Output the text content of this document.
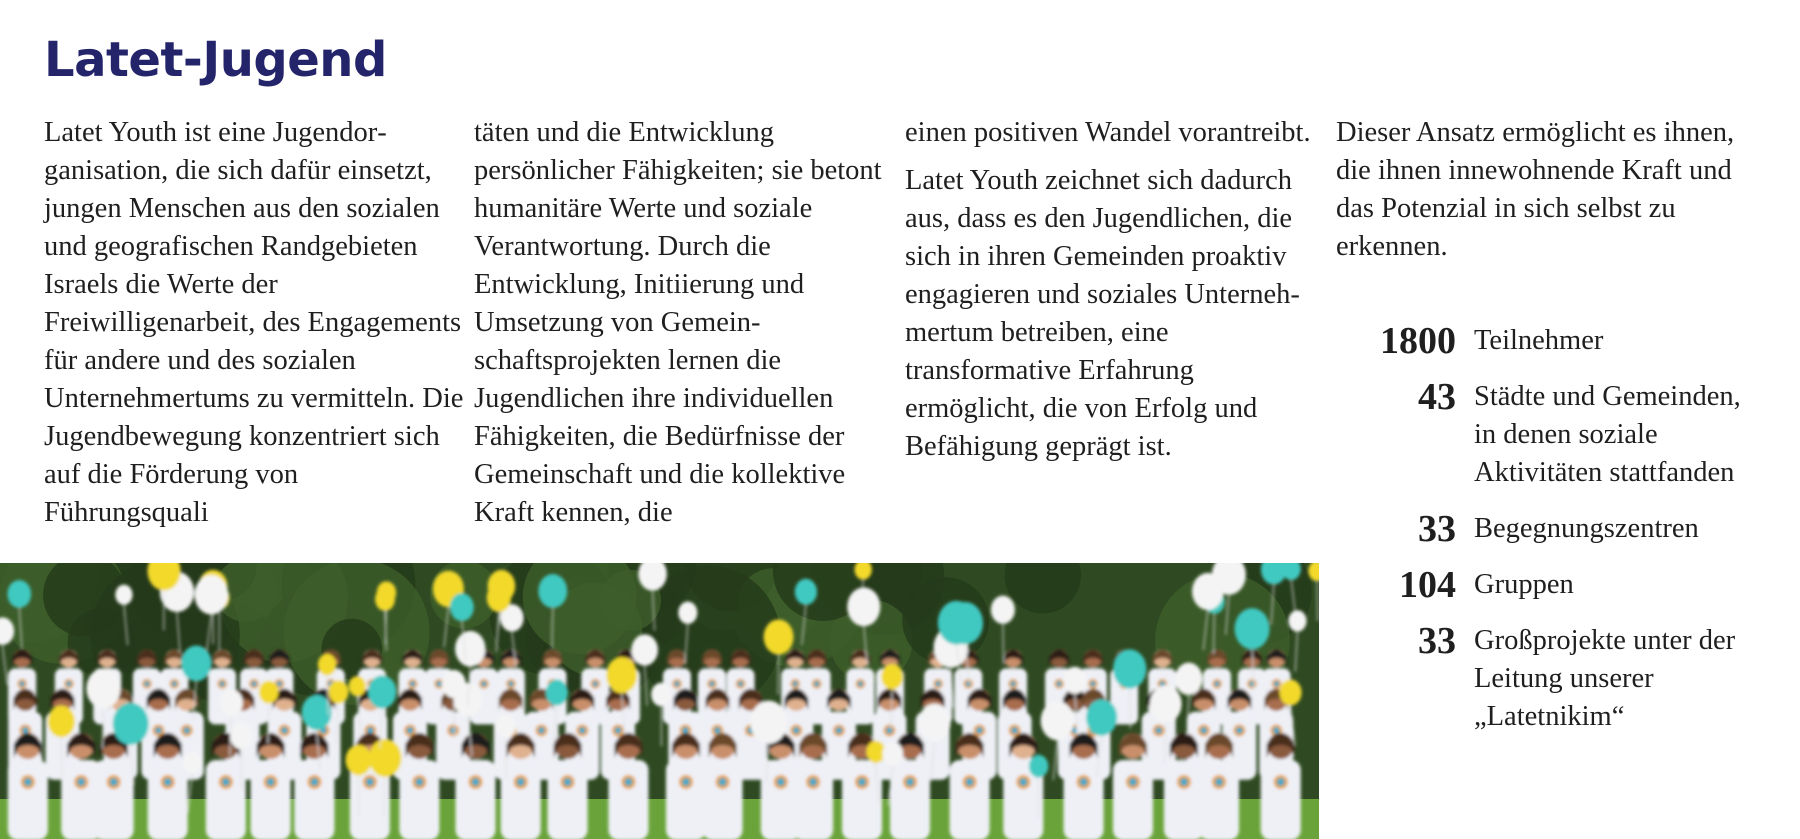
Latet-Jugend

Latet Youth ist eine Jugendorganisation, die sich dafür einsetzt, jungen Menschen aus den sozialen und geografischen Randgebieten Israels die Werte der Freiwilligenarbeit, des Engagements für andere und des sozialen Unternehmertums zu vermitteln. Die Jugendbewegung konzentriert sich auf die Förderung von Führungsquali

täten und die Entwicklung persönlicher Fähigkeiten; sie betont humanitäre Werte und soziale Verantwortung. Durch die Entwicklung, Initiierung und Umsetzung von Gemeinschaftsprojekten lernen die Jugendlichen ihre individuellen Fähigkeiten, die Bedürfnisse der Gemeinschaft und die kollektive Kraft kennen, die

einen positiven Wandel vorantreibt.

Latet Youth zeichnet sich dadurch aus, dass es den Jugendlichen, die sich in ihren Gemeinden proaktiv engagieren und soziales Unternehmertum betreiben, eine transformative Erfahrung ermöglicht, die von Erfolg und Befähigung geprägt ist.

Dieser Ansatz ermöglicht es ihnen, die ihnen innewohnende Kraft und das Potenzial in sich selbst zu erkennen.

1800 Teilnehmer
43 Städte und Gemeinden, in denen soziale Aktivitäten stattfanden
33 Begegnungszentren
104 Gruppen
33 Großprojekte unter der Leitung unserer „Latetnikim“
